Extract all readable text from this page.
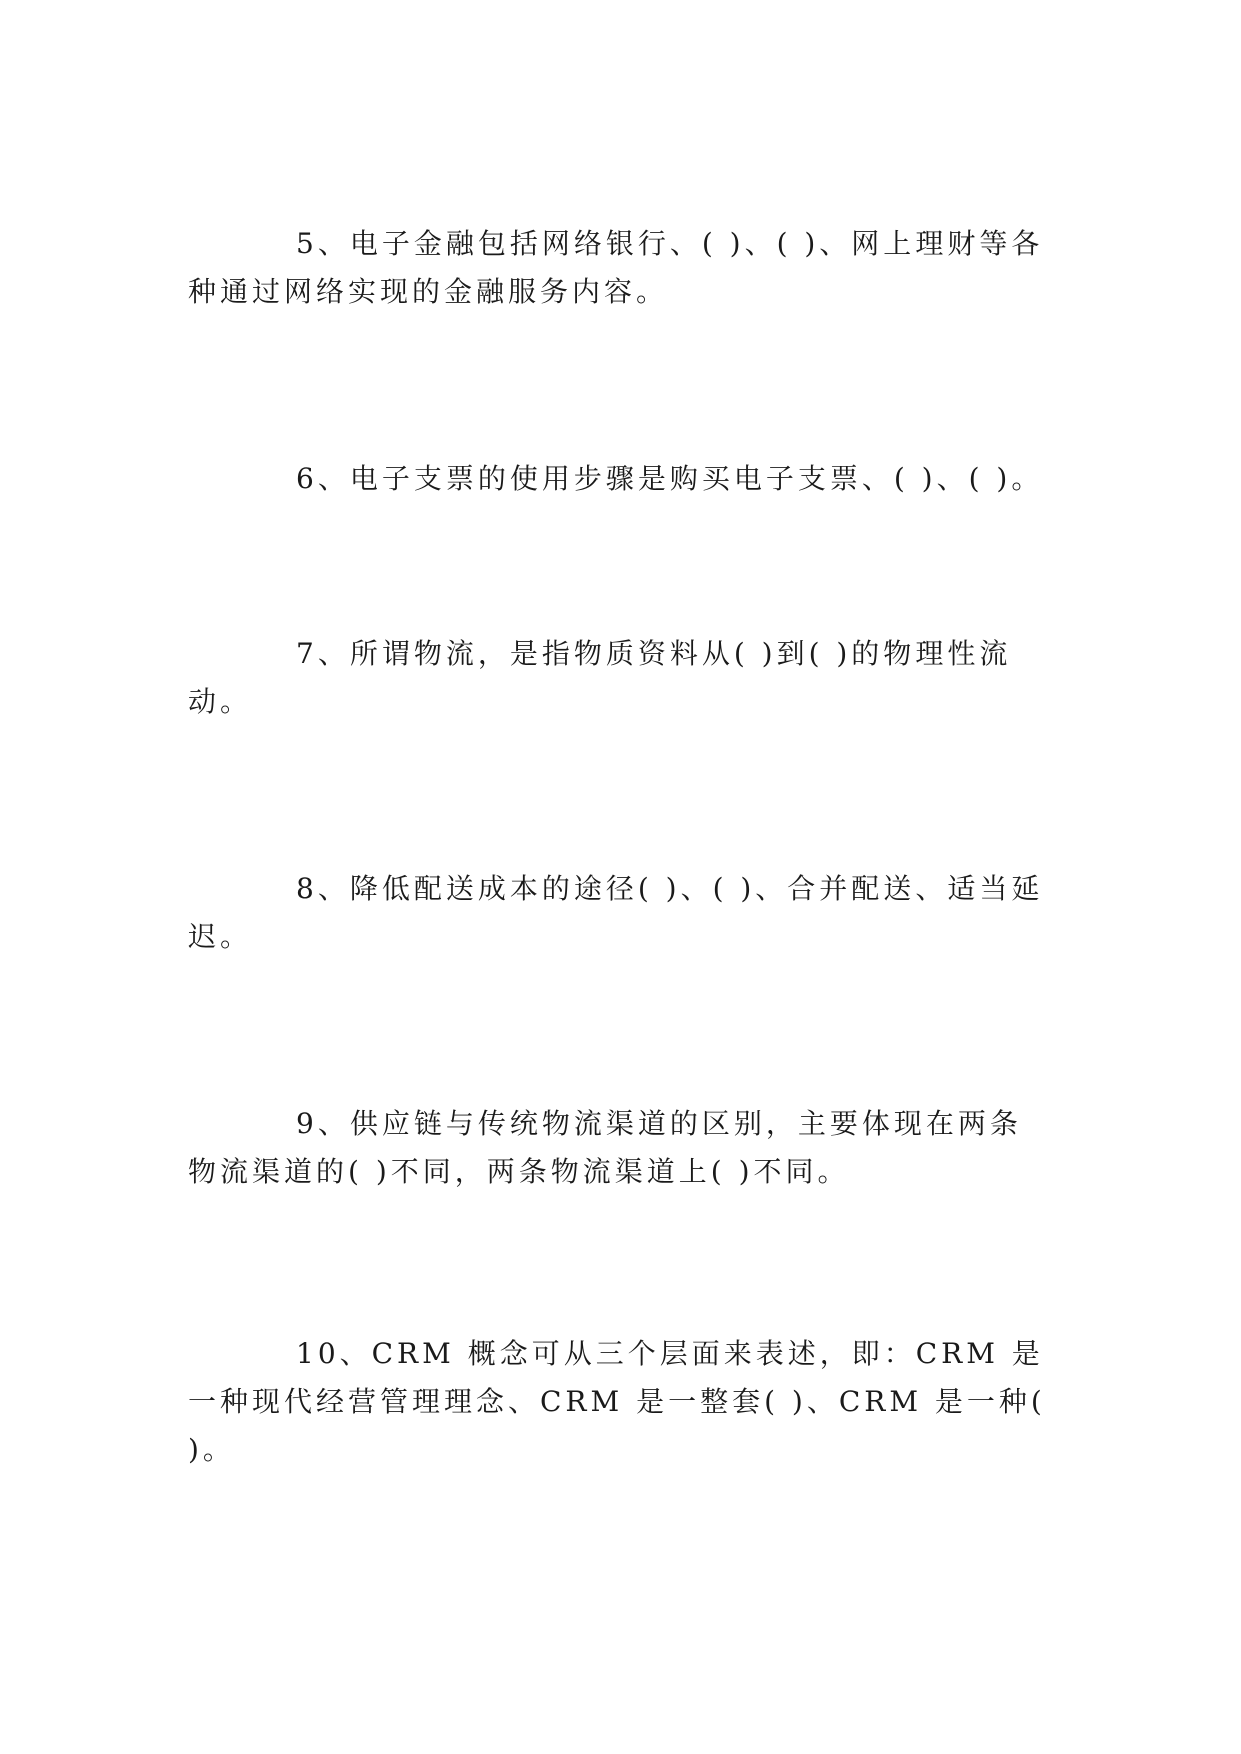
5、电子金融包括网络银行、( )、( )、网上理财等各种通过网络实现的金融服务内容。

6、电子支票的使用步骤是购买电子支票、( )、( )。

7、所谓物流，是指物质资料从( )到( )的物理性流动。

8、降低配送成本的途径( )、( )、合并配送、适当延迟。

9、供应链与传统物流渠道的区别，主要体现在两条物流渠道的( )不同，两条物流渠道上( )不同。

10、CRM 概念可从三个层面来表述，即：CRM 是一种现代经营管理理念、CRM 是一整套( )、CRM 是一种( )。
